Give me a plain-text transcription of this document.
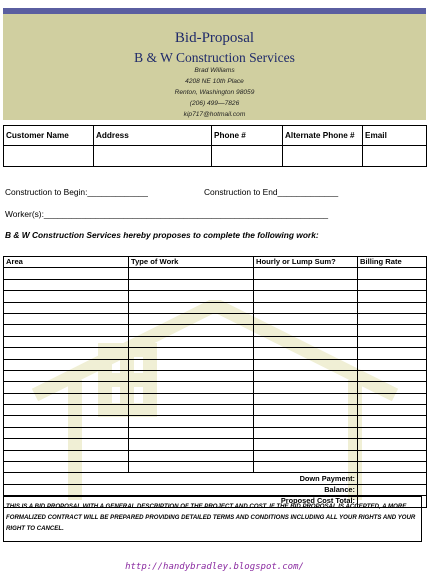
Bid-Proposal
B & W Construction Services
Brad Williams
4208 NE 10th Place
Renton, Washington 98059
(206) 499—7826
kip717@hotmail.com
Customer Name	Address	Phone #	Alternate Phone #	Email

Construction to Begin:_____________	Construction to End_____________
Worker(s):_____________________________________________________________
B & W Construction Services hereby proposes to complete the following work:
Area	Type of Work	Hourly or Lump Sum?	Billing Rate

Down Payment:			
Balance:			
Proposed Cost Total:			
THIS IS A BID PROPOSAL WITH A GENERAL DESCRIPTION OF THE PROJECT AND COST. IF THE BID PROPOSAL IS ACCEPTED, A MORE FORMALIZED CONTRACT WILL BE PREPARED PROVIDING DETAILED TERMS AND CONDITIONS INCLUDING ALL YOUR RIGHTS AND YOUR RIGHT TO CANCEL.
http://handybradley.blogspot.com/
